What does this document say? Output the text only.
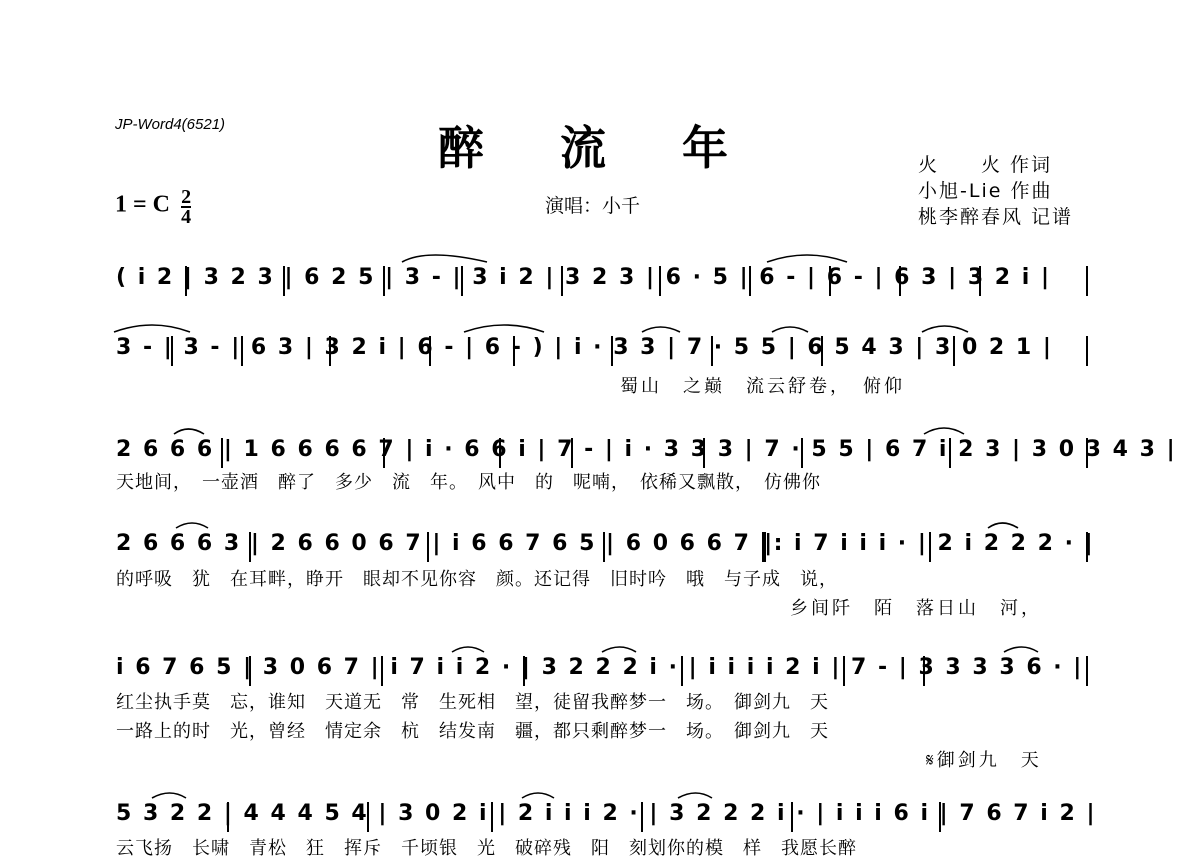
JP-Word4(6521)	醉 流 年
1 = C $\frac{2}{4}$	演唱：小千
火　　火 作词
小旭-Lie 作曲
桃李醉春风 记谱
( i 2 | 3 2 3 | 6 2 5 | 3 - | 3 i 2 | 3 2 3 | 6 · 5 | 6 - | 6 - | 6 3 | 3 2 i |
3 - | 3 - | 6 3 | 3 2 i | 6 - | 6 - ) | i · 3 3 | 7 · 5 5 | 6 5 4 3 | 3 0 2 1 |
2 6 6 6 | 1 6 6 6 6 7 | i · 6 6 i | 7 - | i · 3 3 3 | 7 · 5 5 | 6 7 i 2 3 | 3 0 3 4 3 |
2 6 6 6 3 | 2 6 6 0 6 7 | i 6 6 7 6 5 | 6 0 6 6 7 ‖: i 7 i i i · | 2 i 2 2 2 · |
i 6 7 6 5 | 3 0 6 7 | i 7 i i 2 · | 3 2 2 2 i · | i i i i 2 i | 7 - | 3 3 3 3 6 · |
5 3 2 2 | 4 4 4 5 4 | 3 0 2 i | 2 i i i 2 · | 3 2 2 2 i · | i i i 6 i | 7 6 7 i 2 |
蜀山　之巅　流云舒卷，　俯仰
天地间，　一壶酒　醉了　多少　流　年。　风中　的　呢喃，　依稀又飘散，　仿佛你
的呼吸　犹　在耳畔，睁开　眼却不见你容　颜。还记得　旧时吟　哦　与子成　说，
乡间阡　陌　落日山　河，
红尘执手莫　忘，谁知　天道无　常　生死相　望，徒留我醉梦一　场。　御剑九　天
一路上的时　光，曾经　情定余　杭　结发南　疆，都只剩醉梦一　场。　御剑九　天
𝄋御剑九　天
云飞扬　长啸　青松　狂　挥斥　千顷银　光　破碎残　阳　刻划你的模　样　我愿长醉
